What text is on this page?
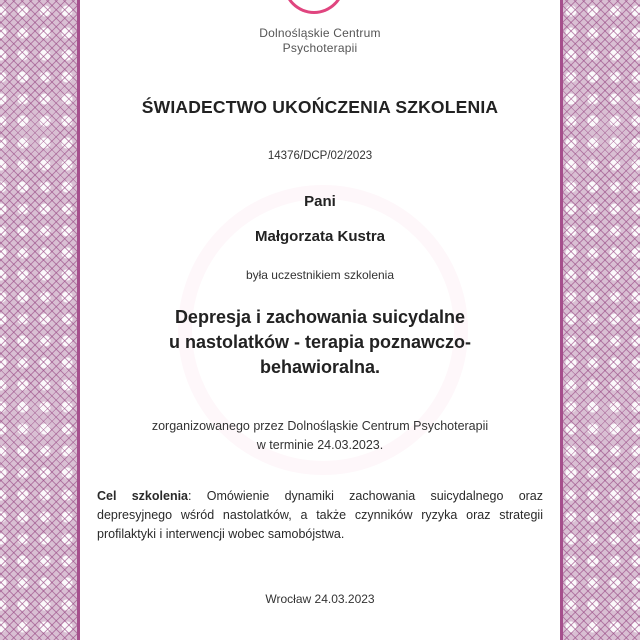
Dolnośląskie Centrum
Psychoterapii
ŚWIADECTWO UKOŃCZENIA SZKOLENIA
14376/DCP/02/2023
Pani
Małgorzata Kustra
była uczestnikiem szkolenia
Depresja i zachowania suicydalne
u nastolatków - terapia poznawczo-
behawioralna.
zorganizowanego przez Dolnośląskie Centrum Psychoterapii
w terminie 24.03.2023.
Cel szkolenia: Omówienie dynamiki zachowania suicydalnego oraz depresyjnego wśród nastolatków, a także czynników ryzyka oraz strategii profilaktyki i interwencji wobec samobójstwa.
Wrocław 24.03.2023
